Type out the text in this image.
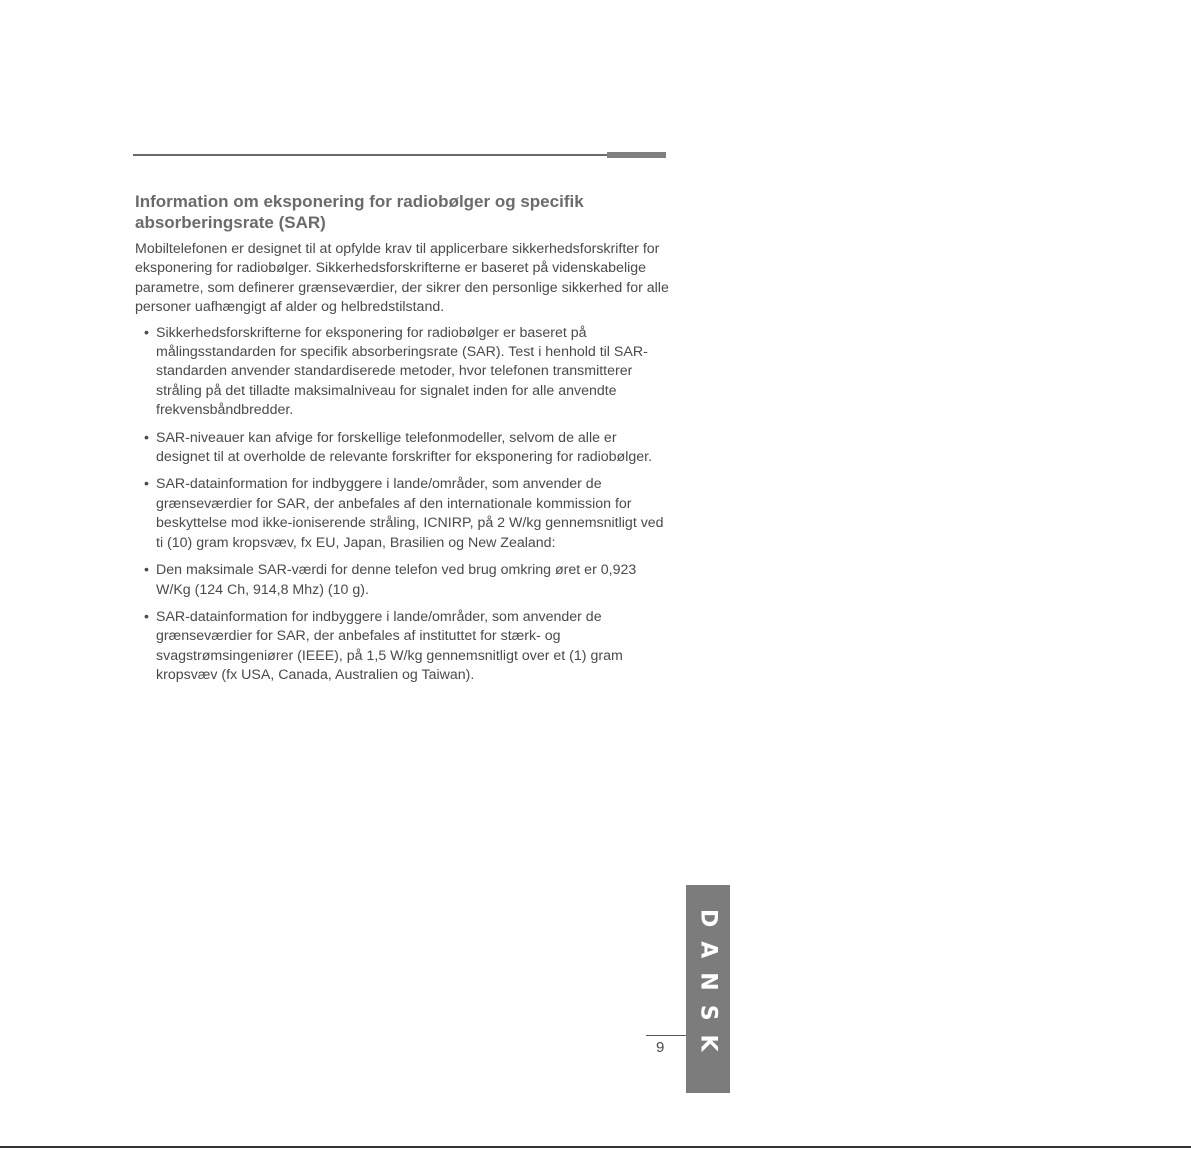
Information om eksponering for radiobølger og specifik absorberingsrate (SAR)

Mobiltelefonen er designet til at opfylde krav til applicerbare sikkerhedsforskrifter for eksponering for radiobølger. Sikkerhedsforskrifterne er baseret på videnskabelige parametre, som definerer grænseværdier, der sikrer den personlige sikkerhed for alle personer uafhængigt af alder og helbredstilstand.

• Sikkerhedsforskrifterne for eksponering for radiobølger er baseret på målingsstandarden for specifik absorberingsrate (SAR). Test i henhold til SAR-standarden anvender standardiserede metoder, hvor telefonen transmitterer stråling på det tilladte maksimalniveau for signalet inden for alle anvendte frekvensbåndbredder.
• SAR-niveauer kan afvige for forskellige telefonmodeller, selvom de alle er designet til at overholde de relevante forskrifter for eksponering for radiobølger.
• SAR-datainformation for indbyggere i lande/områder, som anvender de grænseværdier for SAR, der anbefales af den internationale kommission for beskyttelse mod ikke-ioniserende stråling, ICNIRP, på 2 W/kg gennemsnitligt ved ti (10) gram kropsvæv, fx EU, Japan, Brasilien og New Zealand:
• Den maksimale SAR-værdi for denne telefon ved brug omkring øret er 0,923 W/Kg (124 Ch, 914,8 Mhz) (10 g).
• SAR-datainformation for indbyggere i lande/områder, som anvender de grænseværdier for SAR, der anbefales af instituttet for stærk- og svagstrømsingeniører (IEEE), på 1,5 W/kg gennemsnitligt over et (1) gram kropsvæv (fx USA, Canada, Australien og Taiwan).
9 DANSK
